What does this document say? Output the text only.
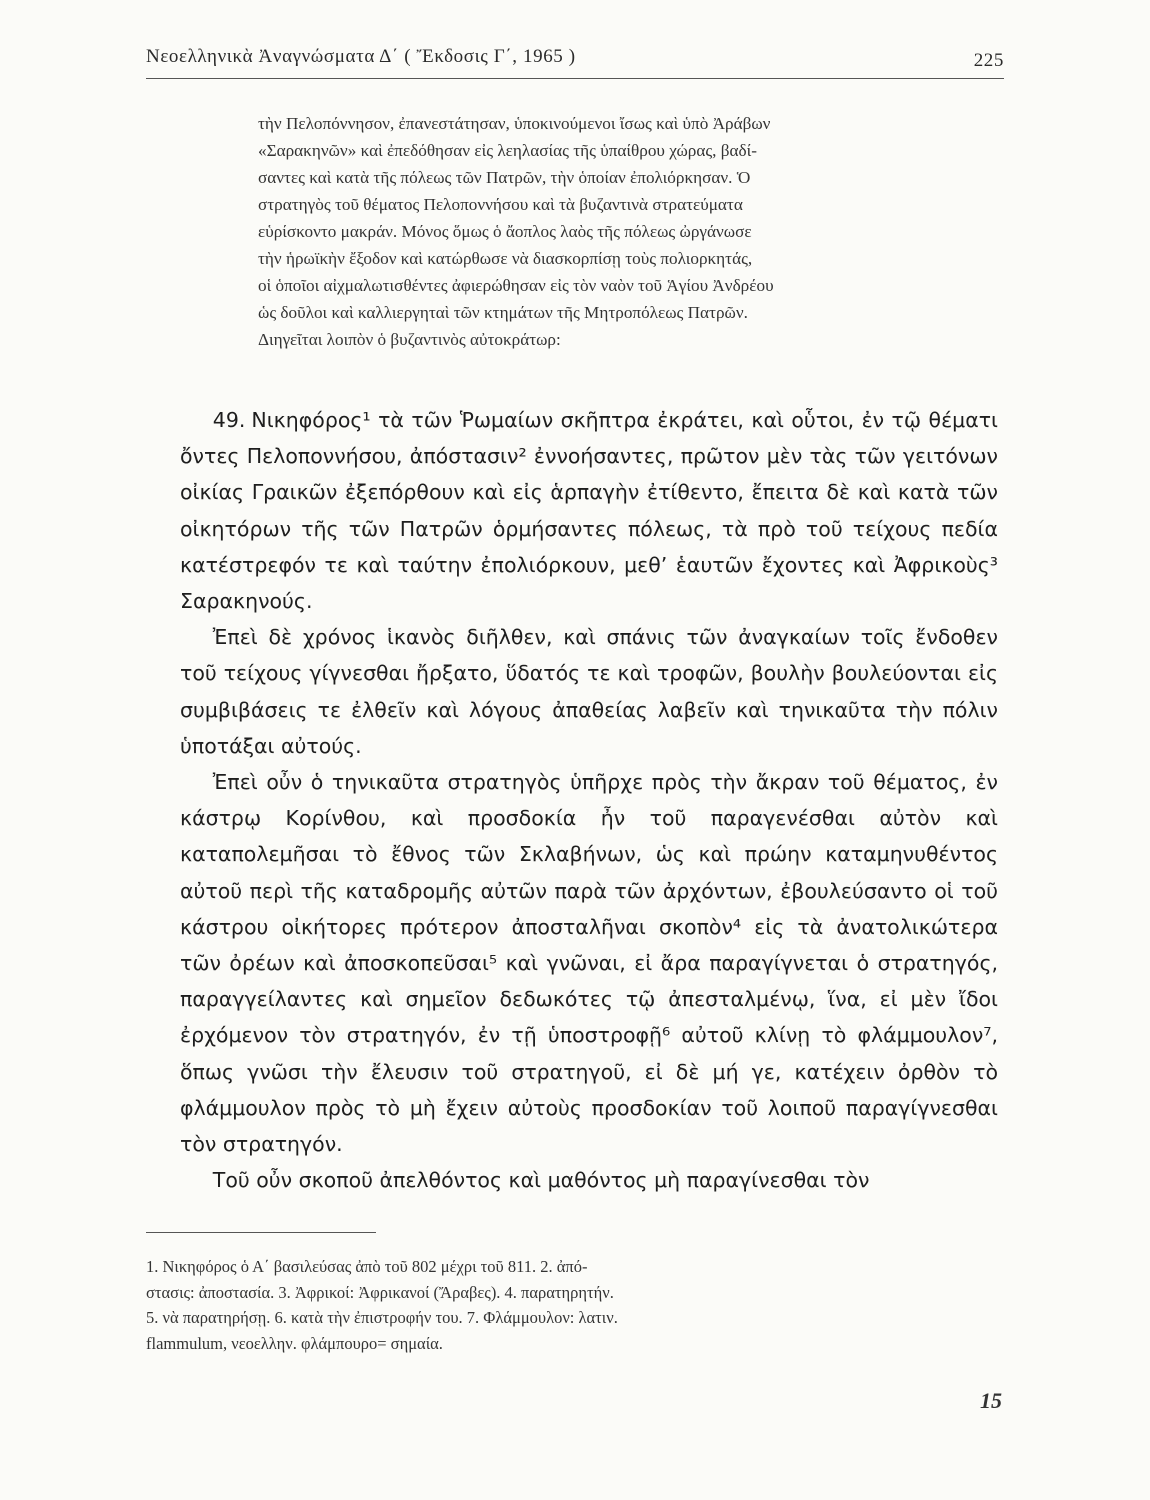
Νεοελληνικὰ Ἀναγνώσματα Δ΄ ( Ἔκδοσις Γ΄, 1965 )	225

τὴν Πελοπόννησον, ἐπανεστάτησαν, ὑποκινούμενοι ἴσως καὶ ὑπὸ Ἀράβων

«Σαρακηνῶν» καὶ ἐπεδόθησαν εἰς λεηλασίας τῆς ὑπαίθρου χώρας, βαδί-

σαντες καὶ κατὰ τῆς πόλεως τῶν Πατρῶν, τὴν ὁποίαν ἐπολιόρκησαν. Ὁ

στρατηγὸς τοῦ θέματος Πελοποννήσου καὶ τὰ βυζαντινὰ στρατεύματα

εὑρίσκοντο μακράν. Μόνος ὅμως ὁ ἄοπλος λαὸς τῆς πόλεως ὠργάνωσε

τὴν ἡρωϊκὴν ἔξοδον καὶ κατώρθωσε νὰ διασκορπίσῃ τοὺς πολιορκητάς,

οἱ ὁποῖοι αἰχμαλωτισθέντες ἀφιερώθησαν εἰς τὸν ναὸν τοῦ Ἁγίου Ἀνδρέου

ὡς δοῦλοι καὶ καλλιεργηταὶ τῶν κτημάτων τῆς Μητροπόλεως Πατρῶν.

Διηγεῖται λοιπὸν ὁ βυζαντινὸς αὐτοκράτωρ:

49. Νικηφόρος¹ τὰ τῶν Ῥωμαίων σκῆπτρα ἐκράτει, καὶ οὗτοι, ἐν τῷ θέματι ὄντες Πελοποννήσου, ἀπόστασιν² ἐννοήσαντες, πρῶτον μὲν τὰς τῶν γειτόνων οἰκίας Γραικῶν ἐξεπόρθουν καὶ εἰς ἁρπαγὴν ἐτίθεντο, ἔπειτα δὲ καὶ κατὰ τῶν οἰκητόρων τῆς τῶν Πατρῶν ὁρμήσαντες πόλεως, τὰ πρὸ τοῦ τείχους πεδία κατέστρεφόν τε καὶ ταύτην ἐπολιόρκουν, μεθ’ ἑαυτῶν ἔχοντες καὶ Ἀφρικοὺς³ Σαρακηνούς.

Ἐπεὶ δὲ χρόνος ἱκανὸς διῆλθεν, καὶ σπάνις τῶν ἀναγκαίων τοῖς ἔνδοθεν τοῦ τείχους γίγνεσθαι ἤρξατο, ὕδατός τε καὶ τροφῶν, βουλὴν βουλεύονται εἰς συμβιβάσεις τε ἐλθεῖν καὶ λόγους ἀπαθείας λαβεῖν καὶ τηνικαῦτα τὴν πόλιν ὑποτάξαι αὐτούς.

Ἐπεὶ οὖν ὁ τηνικαῦτα στρατηγὸς ὑπῆρχε πρὸς τὴν ἄκραν τοῦ θέματος, ἐν κάστρῳ Κορίνθου, καὶ προσδοκία ἦν τοῦ παραγενέσθαι αὐτὸν καὶ καταπολεμῆσαι τὸ ἔθνος τῶν Σκλαβήνων, ὡς καὶ πρώην καταμηνυθέντος αὐτοῦ περὶ τῆς καταδρομῆς αὐτῶν παρὰ τῶν ἀρχόντων, ἐβουλεύσαντο οἱ τοῦ κάστρου οἰκήτορες πρότερον ἀποσταλῆναι σκοπὸν⁴ εἰς τὰ ἀνατολικώτερα τῶν ὀρέων καὶ ἀποσκοπεῦσαι⁵ καὶ γνῶναι, εἰ ἄρα παραγίγνεται ὁ στρατηγός, παραγγείλαντες καὶ σημεῖον δεδωκότες τῷ ἀπεσταλμένῳ, ἵνα, εἰ μὲν ἴδοι ἐρχόμενον τὸν στρατηγόν, ἐν τῇ ὑποστροφῇ⁶ αὐτοῦ κλίνῃ τὸ φλάμμουλον⁷, ὅπως γνῶσι τὴν ἔλευσιν τοῦ στρατηγοῦ, εἰ δὲ μή γε, κατέχειν ὀρθὸν τὸ φλάμμουλον πρὸς τὸ μὴ ἔχειν αὐτοὺς προσδοκίαν τοῦ λοιποῦ παραγίγνεσθαι τὸν στρατηγόν.

Τοῦ οὖν σκοποῦ ἀπελθόντος καὶ μαθόντος μὴ παραγίνεσθαι τὸν

1. Νικηφόρος ὁ Α΄ βασιλεύσας ἀπὸ τοῦ 802 μέχρι τοῦ 811. 2. ἀπό-

στασις: ἀποστασία. 3. Ἀφρικοί: Ἀφρικανοί (Ἄραβες). 4. παρατηρητήν.

5. νὰ παρατηρήσῃ. 6. κατὰ τὴν ἐπιστροφήν του. 7. Φλάμμουλον: λατιν.

flammulum, νεοελλην. φλάμπουρο= σημαία.

15
